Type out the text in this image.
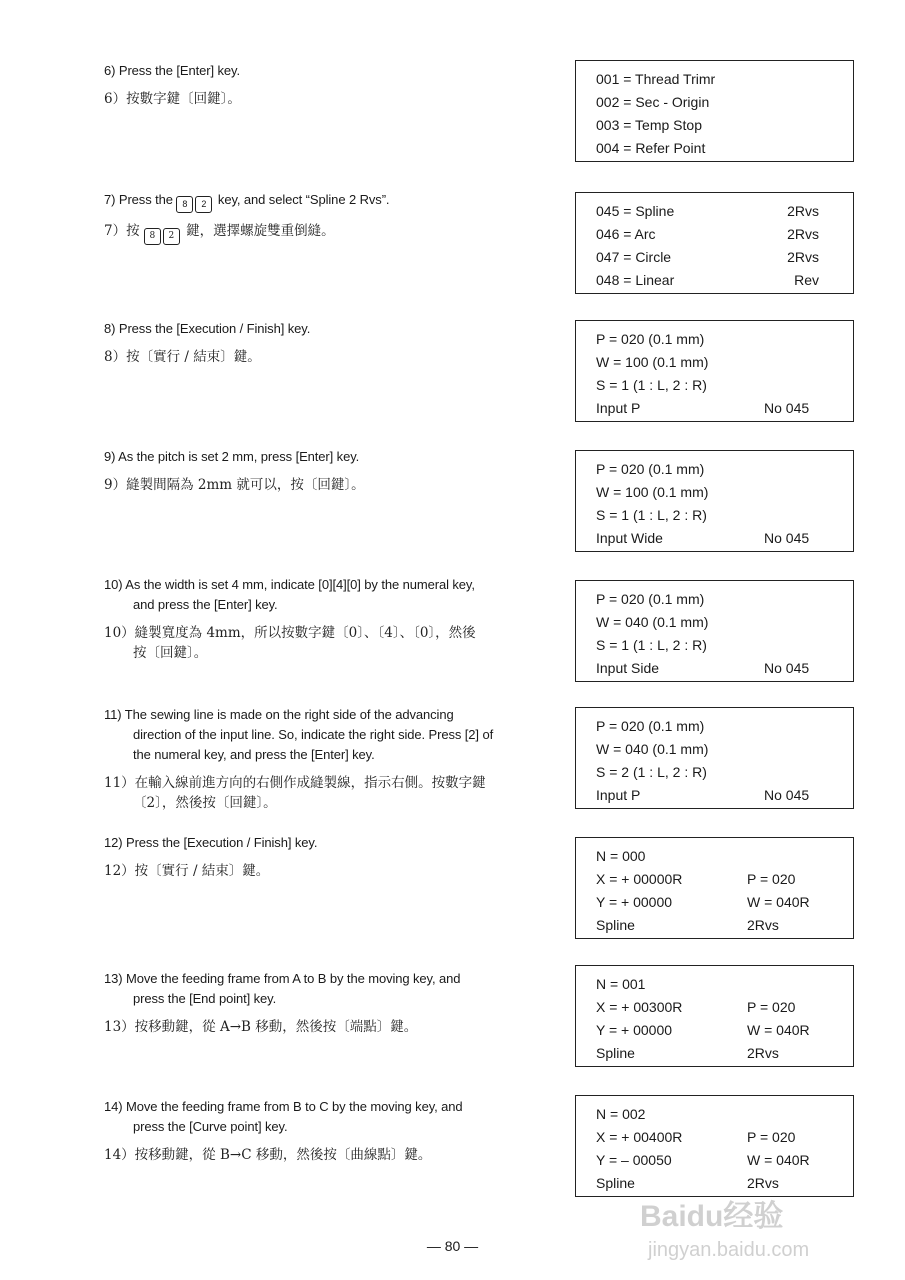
6) Press the [Enter] key.
6）按數字鍵〔回鍵〕。
7) Press the 8 2 key, and select “Spline 2 Rvs”.
7）按 8 2 鍵，選擇螺旋雙重倒縫。
8) Press the [Execution / Finish] key.
8）按〔實行 / 結束〕鍵。
9) As the pitch is set 2 mm, press [Enter] key.
9）縫製間隔為 2mm 就可以，按〔回鍵〕。
10) As the width is set 4 mm, indicate [0][4][0] by the numeral key,
and press the [Enter] key.
10）縫製寬度為 4mm，所以按數字鍵〔0〕、〔4〕、〔0〕，然後
按〔回鍵〕。
11) The sewing line is made on the right side of the advancing
direction of the input line. So, indicate the right side. Press [2] of
the numeral key, and press the [Enter] key.
11）在輸入線前進方向的右側作成縫製線，指示右側。按數字鍵
〔2〕，然後按〔回鍵〕。
12) Press the [Execution / Finish] key.
12）按〔實行 / 結束〕鍵。
13) Move the feeding frame from A to B by the moving key, and
press the [End point] key.
13）按移動鍵，從 A→B 移動，然後按〔端點〕鍵。
14) Move the feeding frame from B to C by the moving key, and
press the [Curve point] key.
14）按移動鍵，從 B→C 移動，然後按〔曲線點〕鍵。
001 = Thread Trimr
002 = Sec - Origin
003 = Temp Stop
004 = Refer Point
045 = Spline	2Rvs
046 = Arc	2Rvs
047 = Circle	2Rvs
048 = Linear	Rev
P = 020 (0.1 mm)
W = 100 (0.1 mm)
S = 1 (1 : L, 2 : R)
Input P	No 045
P = 020 (0.1 mm)
W = 100 (0.1 mm)
S = 1 (1 : L, 2 : R)
Input Wide	No 045
P = 020 (0.1 mm)
W = 040 (0.1 mm)
S = 1 (1 : L, 2 : R)
Input Side	No 045
P = 020 (0.1 mm)
W = 040 (0.1 mm)
S = 2 (1 : L, 2 : R)
Input P	No 045
N = 000
X = + 00000R	P = 020
Y = + 00000	W = 040R
Spline	2Rvs
N = 001
X = + 00300R	P = 020
Y = + 00000	W = 040R
Spline	2Rvs
N = 002
X = + 00400R	P = 020
Y = – 00050	W = 040R
Spline	2Rvs
— 80 —
Baidu经验
jingyan.baidu.com
